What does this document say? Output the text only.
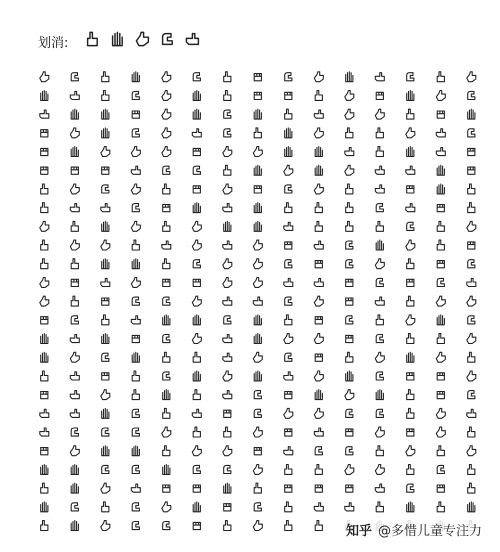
划消:
知乎 @多惜儿童专注力
